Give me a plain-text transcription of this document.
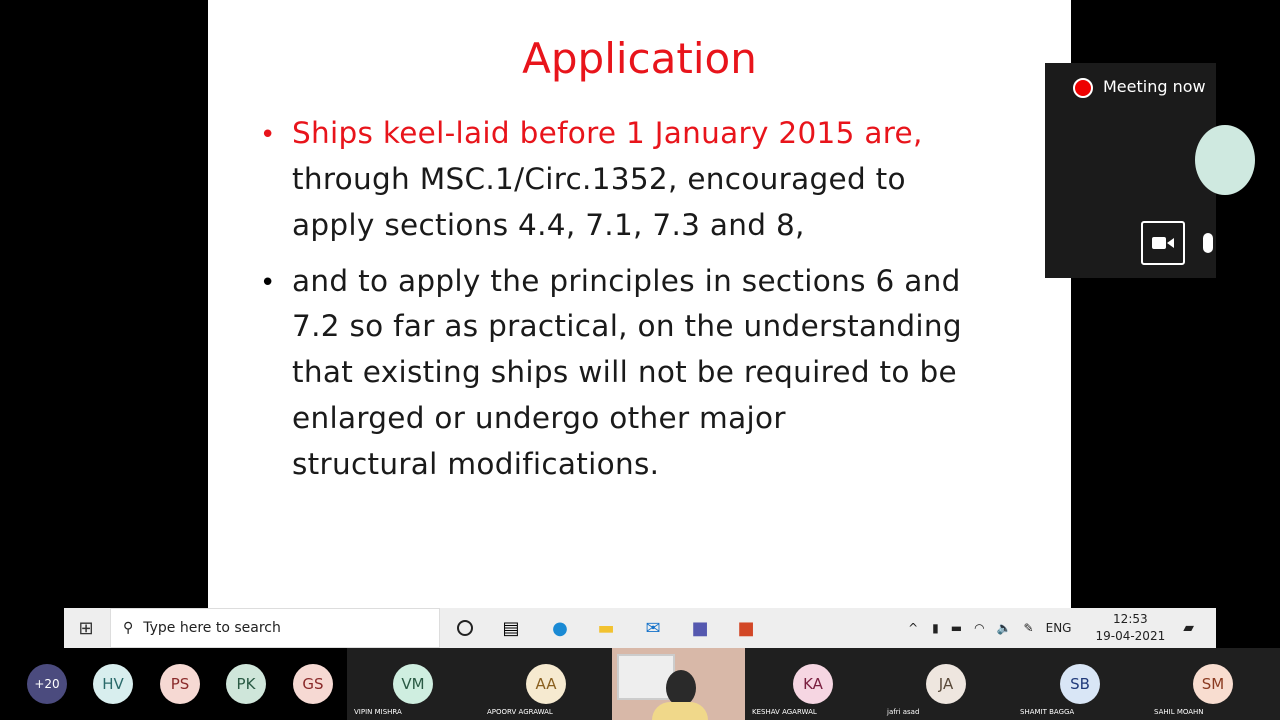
Application
• Ships keel-laid before 1 January 2015 are,
through MSC.1/Circ.1352, encouraged to
apply sections 4.4, 7.1, 7.3 and 8,
• and to apply the principles in sections 6 and
7.2 so far as practical, on the understanding
that existing ships will not be required to be
enlarged or undergo other major
structural modifications.
Meeting now
⊞	⚲ Type here to search	▤ ● ▬ ✉ ■ ■	^ ▮ ▬ ◠ 🔈 ✎ ENG
12:53
19-04-2021 ▰
+20
VIPIN MISHRA	APOORV AGRAWAL	KESHAV AGARWAL	jafri asad	SHAMIT BAGGA	SAHIL MOAHN
HV	PS	PK	GS	VM	AA	KA	JA	SB	SM
